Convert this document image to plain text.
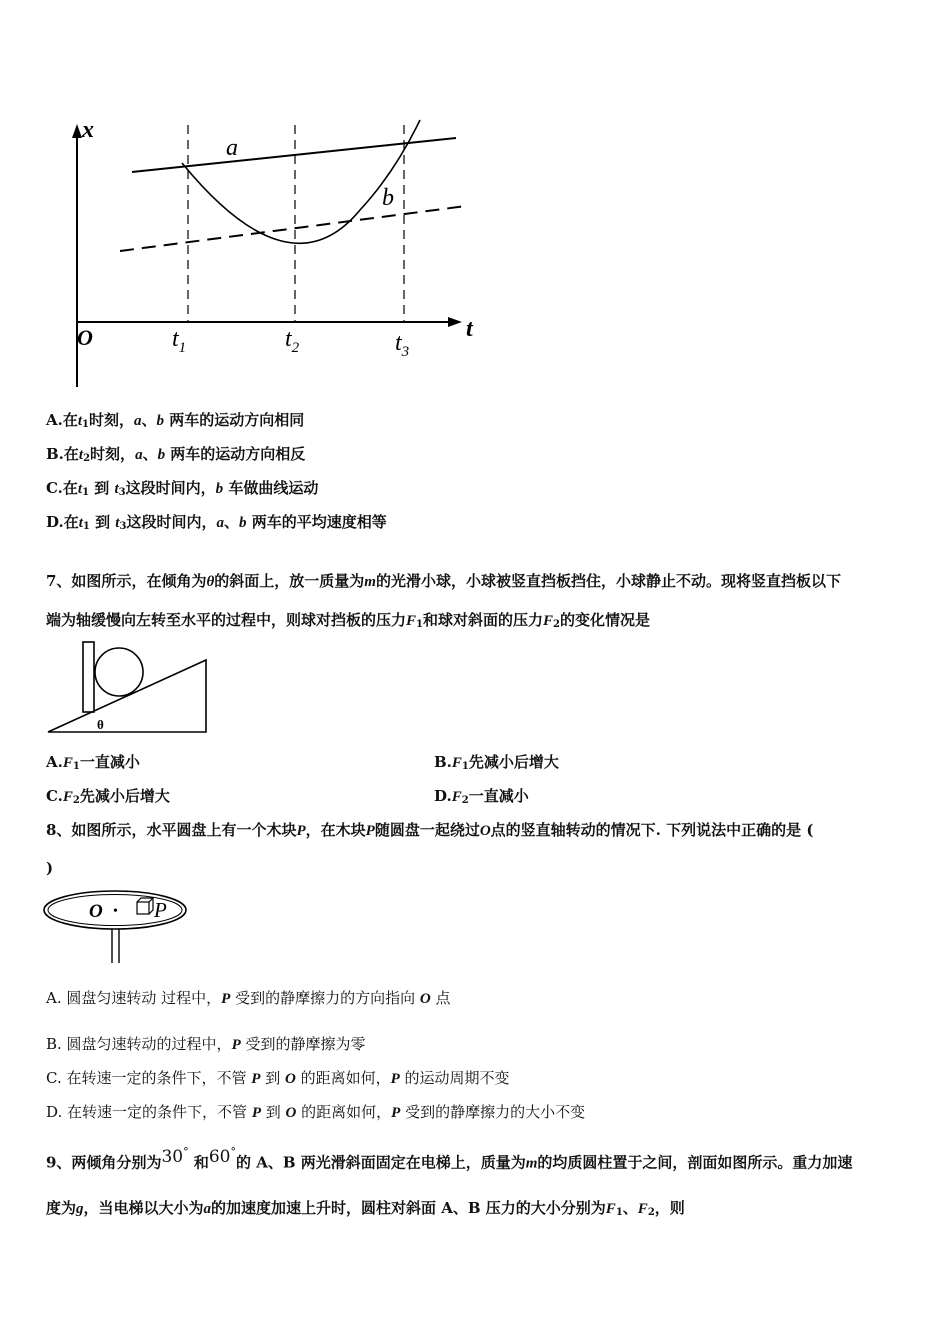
x
t
O
a
b
$t_1$	$t_2$	$t_3$
A.在$t_1$时刻，a、b 两车的运动方向相同
B.在$t_2$时刻，a、b 两车的运动方向相反
C.在$t_1$ 到 $t_3$这段时间内，b 车做曲线运动
D.在$t_1$ 到 $t_3$这段时间内，a、b 两车的平均速度相等
7、如图所示，在倾角为θ的斜面上，放一质量为m的光滑小球，小球被竖直挡板挡住，小球静止不动。现将竖直挡板以下
端为轴缓慢向左转至水平的过程中，则球对挡板的压力$F_1$和球对斜面的压力$F_2$的变化情况是
θ
$A.F_1$一直减小	$B.F_1$先减小后增大
$C.F_2$先减小后增大	$D.F_2$一直减小
8、如图所示，水平圆盘上有一个木块P，在木块P随圆盘一起绕过O点的竖直轴转动的情况下. 下列说法中正确的是 (
)
O • P
A. 圆盘匀速转动 过程中，P 受到的静摩擦力的方向指向 O 点
B. 圆盘匀速转动的过程中，P 受到的静摩擦为零
C. 在转速一定的条件下，不管 P 到 O 的距离如何，P 的运动周期不变
D. 在转速一定的条件下，不管 P 到 O 的距离如何，P 受到的静摩擦力的大小不变
9、两倾角分别为30° 和60°的 A、B 两光滑斜面固定在电梯上，质量为m的均质圆柱置于之间，剖面如图所示。重力加速
度为g，当电梯以大小为a的加速度加速上升时，圆柱对斜面 A、B 压力的大小分别为$F_1$、$F_2$，则
